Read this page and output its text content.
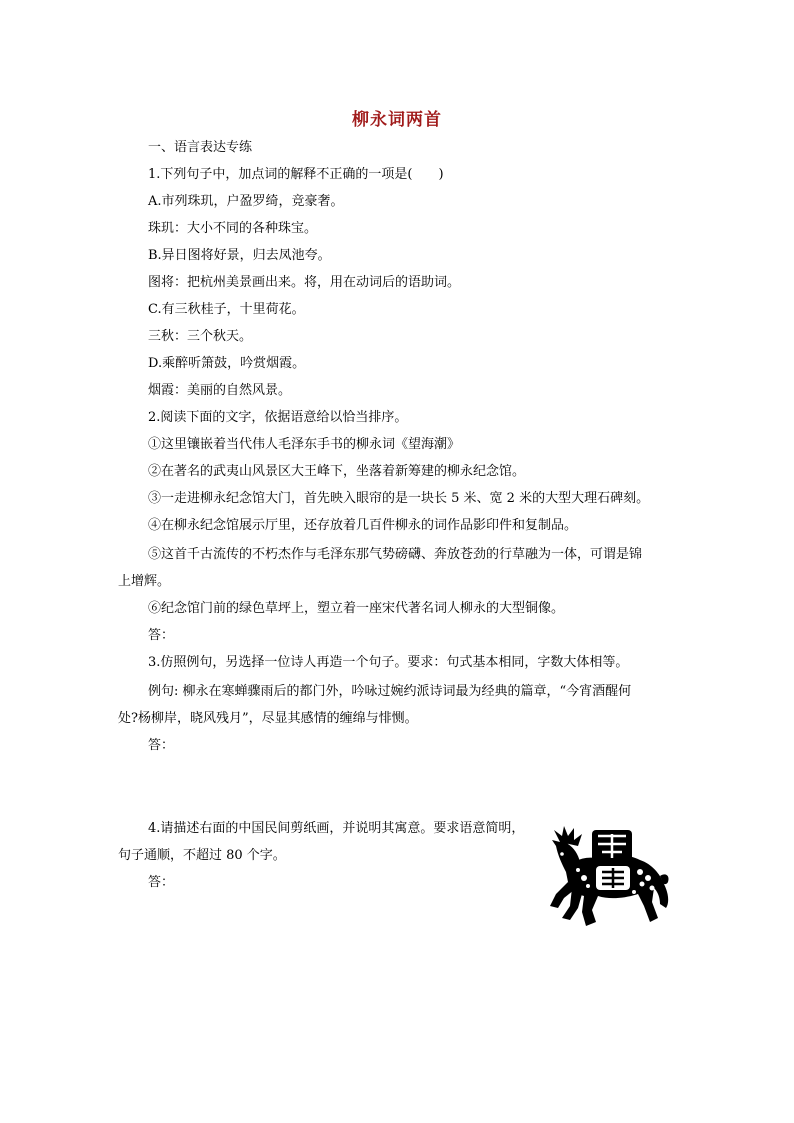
柳永词两首
一、语言表达专练
1.下列句子中，加点词的解释不正确的一项是(　　)
A.市列珠玑，户盈罗绮，竞豪奢。
珠玑：大小不同的各种珠宝。
B.异日图将好景，归去凤池夸。
图将：把杭州美景画出来。将，用在动词后的语助词。
C.有三秋桂子，十里荷花。
三秋：三个秋天。
D.乘醉听箫鼓，吟赏烟霞。
烟霞：美丽的自然风景。
2.阅读下面的文字，依据语意给以恰当排序。
①这里镶嵌着当代伟人毛泽东手书的柳永词《望海潮》
②在著名的武夷山风景区大王峰下，坐落着新筹建的柳永纪念馆。
③一走进柳永纪念馆大门，首先映入眼帘的是一块长 5 米、宽 2 米的大型大理石碑刻。
④在柳永纪念馆展示厅里，还存放着几百件柳永的词作品影印件和复制品。
⑤这首千古流传的不朽杰作与毛泽东那气势磅礴、奔放苍劲的行草融为一体，可谓是锦
上增辉。
⑥纪念馆门前的绿色草坪上，塑立着一座宋代著名词人柳永的大型铜像。
答：
3.仿照例句，另选择一位诗人再造一个句子。要求：句式基本相同，字数大体相等。
例句: 柳永在寒蝉骤雨后的都门外，吟咏过婉约派诗词最为经典的篇章，“今宵酒醒何
处?杨柳岸，晓风残月”，尽显其感情的缠绵与悱恻。
答：
4.请描述右面的中国民间剪纸画，并说明其寓意。要求语意简明，
句子通顺，不超过 80 个字。
答：
